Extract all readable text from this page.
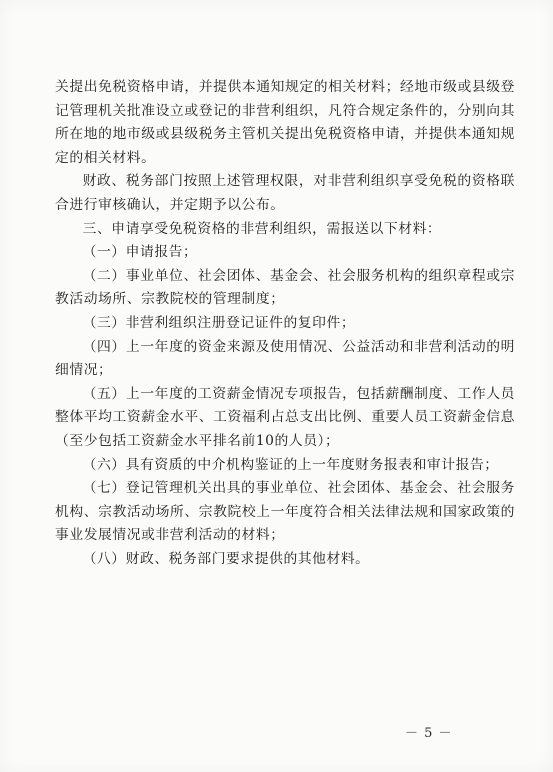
关提出免税资格申请，并提供本通知规定的相关材料；经地市级或县级登记管理机关批准设立或登记的非营利组织，凡符合规定条件的，分别向其所在地的地市级或县级税务主管机关提出免税资格申请，并提供本通知规定的相关材料。

财政、税务部门按照上述管理权限，对非营利组织享受免税的资格联合进行审核确认，并定期予以公布。

三、申请享受免税资格的非营利组织，需报送以下材料：

（一）申请报告；

（二）事业单位、社会团体、基金会、社会服务机构的组织章程或宗教活动场所、宗教院校的管理制度；

（三）非营利组织注册登记证件的复印件；

（四）上一年度的资金来源及使用情况、公益活动和非营利活动的明细情况；

（五）上一年度的工资薪金情况专项报告，包括薪酬制度、工作人员整体平均工资薪金水平、工资福利占总支出比例、重要人员工资薪金信息（至少包括工资薪金水平排名前10的人员）；

（六）具有资质的中介机构鉴证的上一年度财务报表和审计报告；

（七）登记管理机关出具的事业单位、社会团体、基金会、社会服务机构、宗教活动场所、宗教院校上一年度符合相关法律法规和国家政策的事业发展情况或非营利活动的材料；

（八）财政、税务部门要求提供的其他材料。

－ 5 －
